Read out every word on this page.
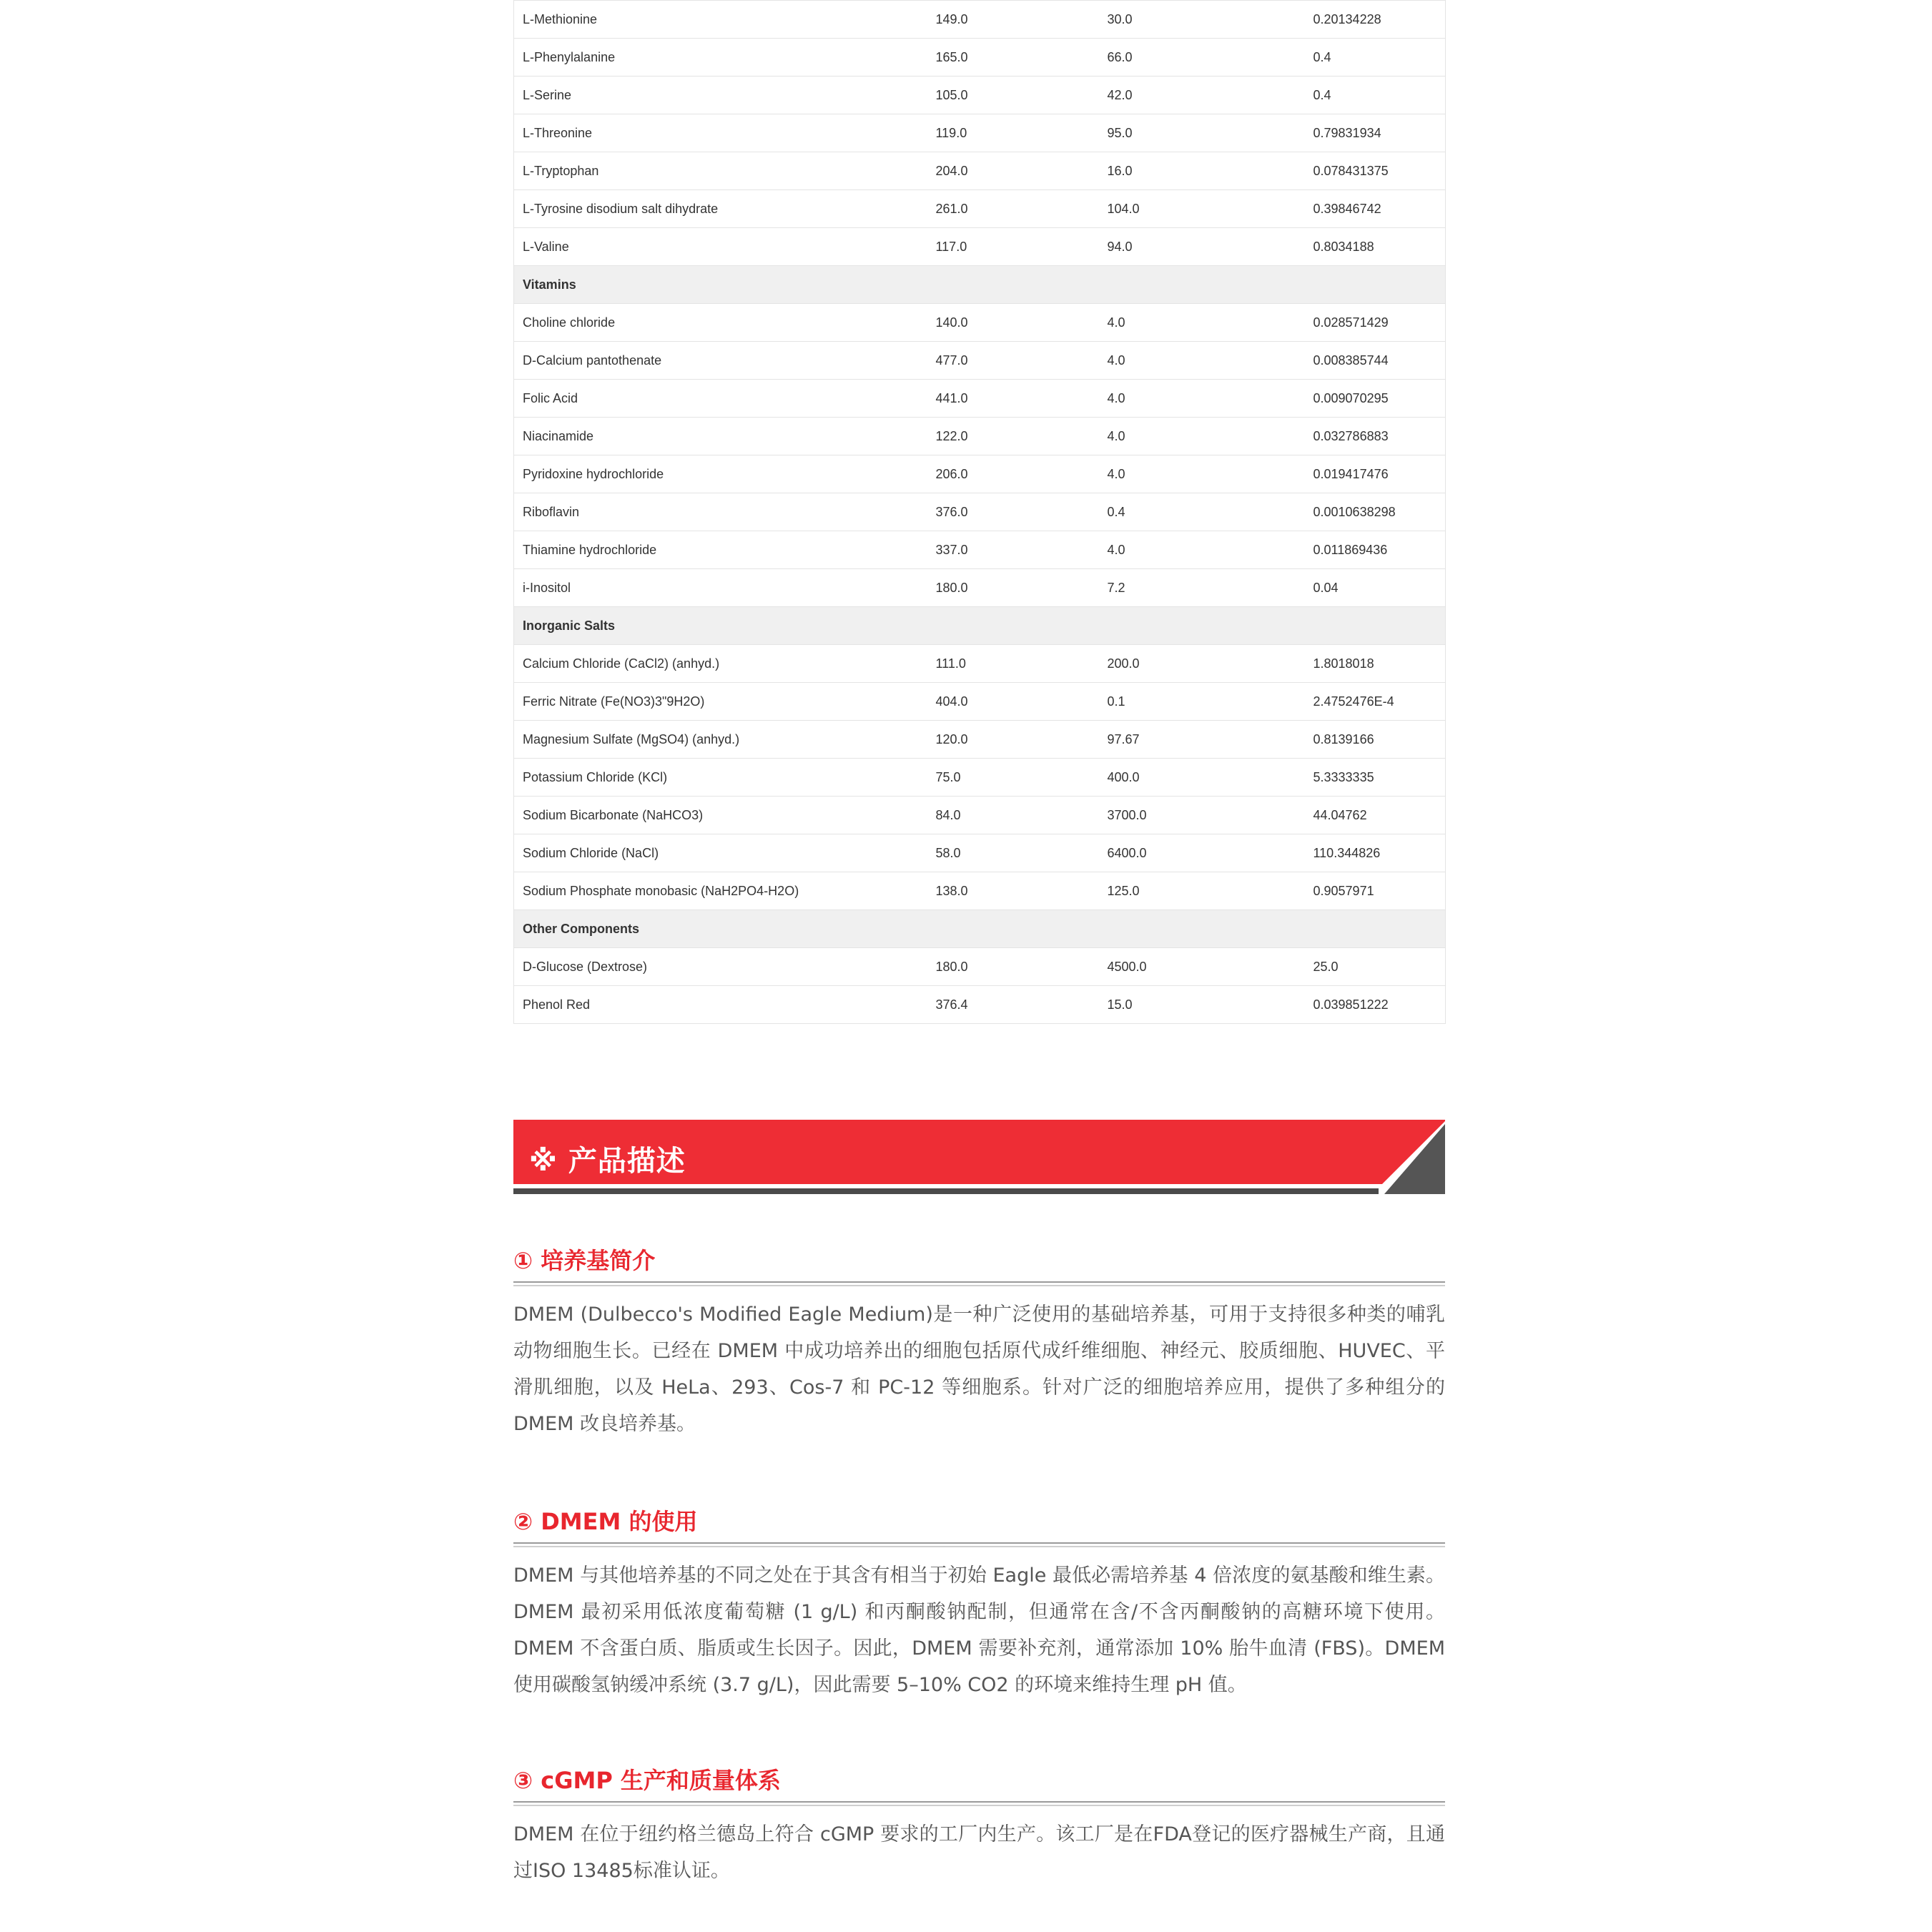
L-Methionine	149.0	30.0	0.20134228
L-Phenylalanine	165.0	66.0	0.4
L-Serine	105.0	42.0	0.4
L-Threonine	119.0	95.0	0.79831934
L-Tryptophan	204.0	16.0	0.078431375
L-Tyrosine disodium salt dihydrate	261.0	104.0	0.39846742
L-Valine	117.0	94.0	0.8034188
Vitamins			
Choline chloride	140.0	4.0	0.028571429
D-Calcium pantothenate	477.0	4.0	0.008385744
Folic Acid	441.0	4.0	0.009070295
Niacinamide	122.0	4.0	0.032786883
Pyridoxine hydrochloride	206.0	4.0	0.019417476
Riboflavin	376.0	0.4	0.0010638298
Thiamine hydrochloride	337.0	4.0	0.011869436
i-Inositol	180.0	7.2	0.04
Inorganic Salts			
Calcium Chloride (CaCl2) (anhyd.)	111.0	200.0	1.8018018
Ferric Nitrate (Fe(NO3)3"9H2O)	404.0	0.1	2.4752476E-4
Magnesium Sulfate (MgSO4) (anhyd.)	120.0	97.67	0.8139166
Potassium Chloride (KCl)	75.0	400.0	5.3333335
Sodium Bicarbonate (NaHCO3)	84.0	3700.0	44.04762
Sodium Chloride (NaCl)	58.0	6400.0	110.344826
Sodium Phosphate monobasic (NaH2PO4-H2O)	138.0	125.0	0.9057971
Other Components			
D-Glucose (Dextrose)	180.0	4500.0	25.0
Phenol Red	376.4	15.0	0.039851222
※ 产品描述
① 培养基简介
DMEM (Dulbecco's Modified Eagle Medium)是一种广泛使用的基础培养基，可用于支持很多种类的哺乳动物细胞生长。已经在 DMEM 中成功培养出的细胞包括原代成纤维细胞、神经元、胶质细胞、HUVEC、平滑肌细胞，以及 HeLa、293、Cos-7 和 PC-12 等细胞系。针对广泛的细胞培养应用，提供了多种组分的 DMEM 改良培养基。
② DMEM 的使用
DMEM 与其他培养基的不同之处在于其含有相当于初始 Eagle 最低必需培养基 4 倍浓度的氨基酸和维生素。DMEM 最初采用低浓度葡萄糖 (1 g/L) 和丙酮酸钠配制，但通常在含/不含丙酮酸钠的高糖环境下使用。DMEM 不含蛋白质、脂质或生长因子。因此，DMEM 需要补充剂，通常添加 10% 胎牛血清 (FBS)。DMEM 使用碳酸氢钠缓冲系统 (3.7 g/L)，因此需要 5–10% CO2 的环境来维持生理 pH 值。
③ cGMP 生产和质量体系
DMEM 在位于纽约格兰德岛上符合 cGMP 要求的工厂内生产。该工厂是在FDA登记的医疗器械生产商，且通过ISO 13485标准认证。
